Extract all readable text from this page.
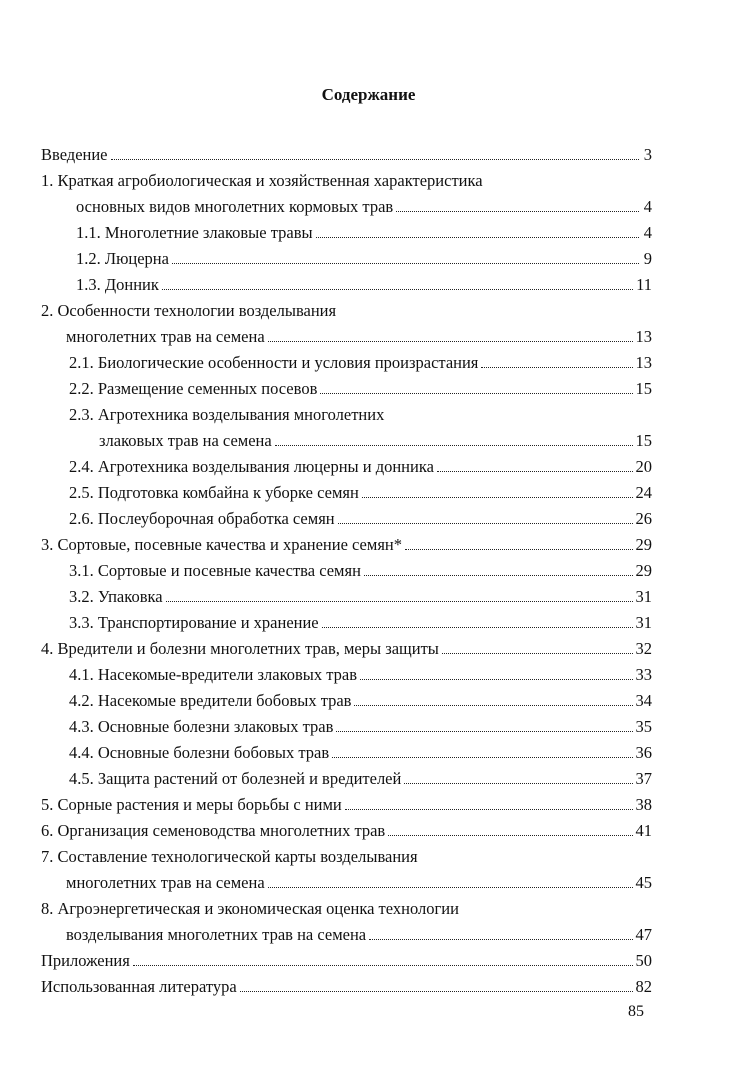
Содержание
Введение	3
1. Краткая агробиологическая и хозяйственная характеристика
основных видов многолетних кормовых трав	4
1.1. Многолетние злаковые травы	4
1.2. Люцерна	9
1.3. Донник	11
2. Особенности технологии возделывания
многолетних трав на семена	13
2.1. Биологические особенности и условия произрастания	13
2.2. Размещение семенных посевов	15
2.3. Агротехника возделывания многолетних
злаковых трав на семена	15
2.4. Агротехника возделывания люцерны и донника	20
2.5. Подготовка комбайна к уборке семян	24
2.6. Послеуборочная обработка семян	26
3. Сортовые, посевные качества и хранение семян*	29
3.1. Сортовые и посевные качества семян	29
3.2. Упаковка	31
3.3. Транспортирование и хранение	31
4. Вредители и болезни многолетних трав, меры защиты	32
4.1. Насекомые-вредители злаковых трав	33
4.2. Насекомые вредители бобовых трав	34
4.3. Основные болезни злаковых трав	35
4.4. Основные болезни бобовых трав	36
4.5. Защита растений от болезней и вредителей	37
5. Сорные растения и меры борьбы с ними	38
6. Организация семеноводства многолетних трав	41
7. Составление технологической карты возделывания
многолетних трав на семена	45
8. Агроэнергетическая и экономическая оценка технологии
возделывания многолетних трав на семена	47
Приложения	50
Использованная литература	82
85
